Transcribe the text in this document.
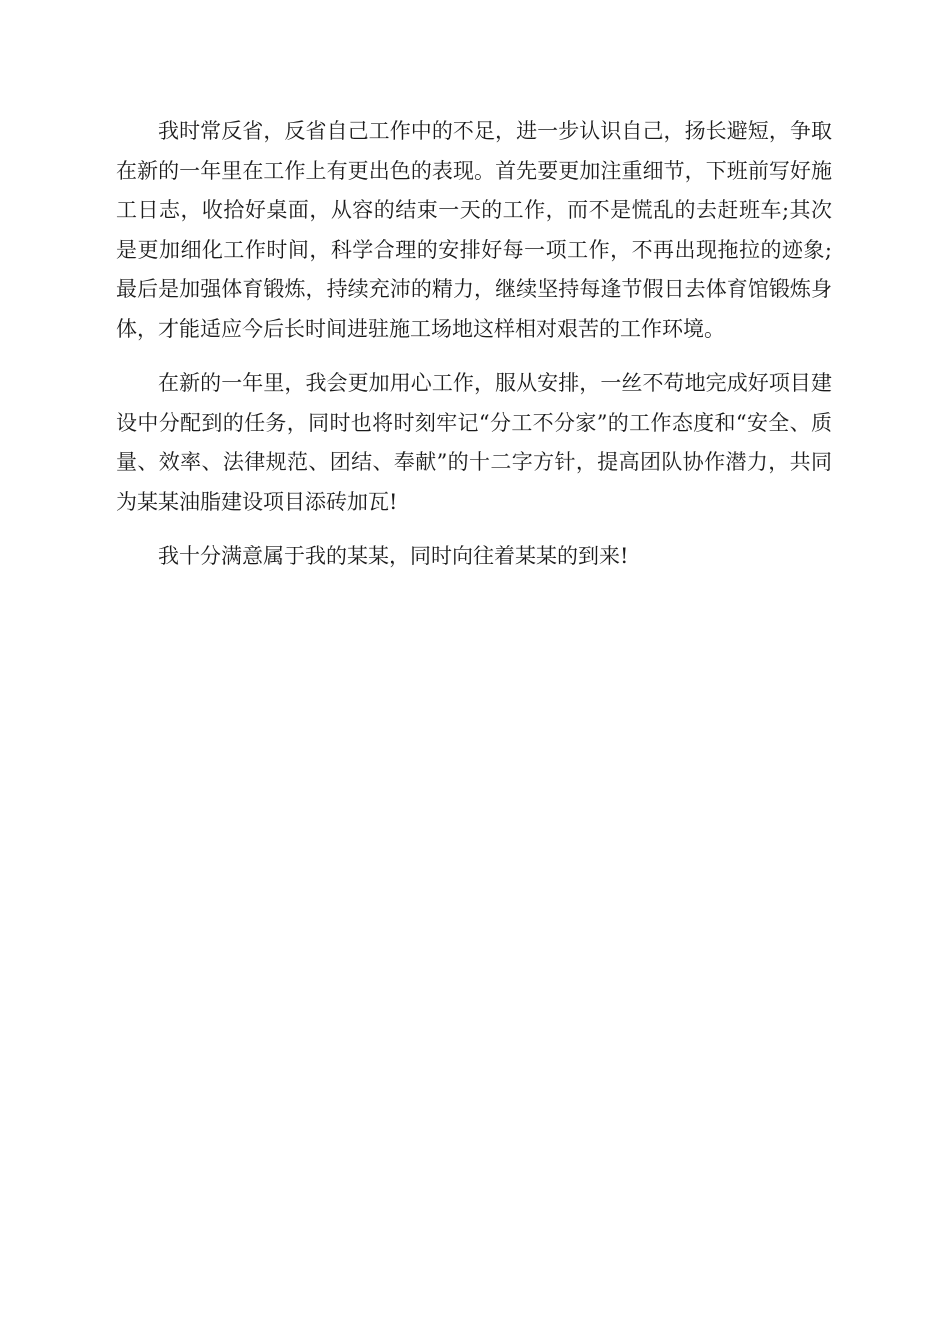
我时常反省，反省自己工作中的不足，进一步认识自己，扬长避短，争取在新的一年里在工作上有更出色的表现。首先要更加注重细节，下班前写好施工日志，收拾好桌面，从容的结束一天的工作，而不是慌乱的去赶班车;其次是更加细化工作时间，科学合理的安排好每一项工作，不再出现拖拉的迹象;最后是加强体育锻炼，持续充沛的精力，继续坚持每逢节假日去体育馆锻炼身体，才能适应今后长时间进驻施工场地这样相对艰苦的工作环境。

在新的一年里，我会更加用心工作，服从安排，一丝不苟地完成好项目建设中分配到的任务，同时也将时刻牢记“分工不分家”的工作态度和“安全、质量、效率、法律规范、团结、奉献”的十二字方针，提高团队协作潜力，共同为某某油脂建设项目添砖加瓦!

我十分满意属于我的某某，同时向往着某某的到来!
